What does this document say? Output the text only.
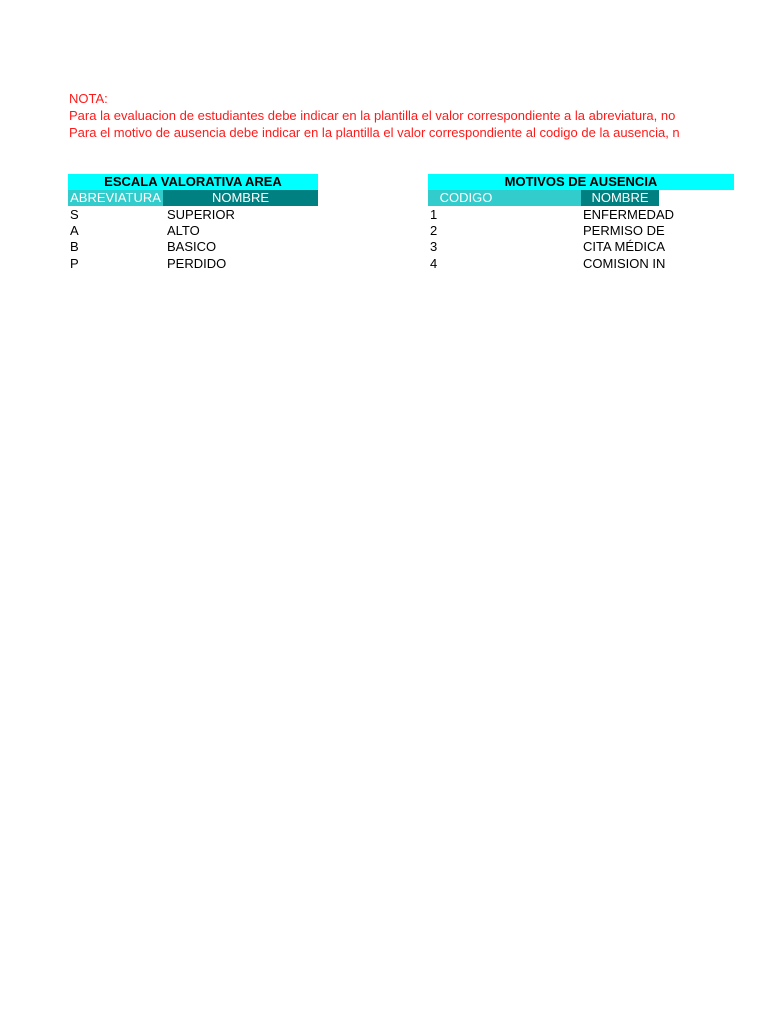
NOTA:
Para la evaluacion de estudiantes debe indicar en la plantilla el valor correspondiente a la abreviatura, no
Para el motivo de ausencia debe indicar en la plantilla el valor correspondiente al codigo de la ausencia, n
ESCALA VALORATIVA AREA
ABREVIATURA	NOMBRE
S	SUPERIOR
A	ALTO
B	BASICO
P	PERDIDO
MOTIVOS DE AUSENCIA
CODIGO	NOMBRE
1	ENFERMEDAD
2	PERMISO DE
3	CITA MÉDICA
4	COMISION IN
